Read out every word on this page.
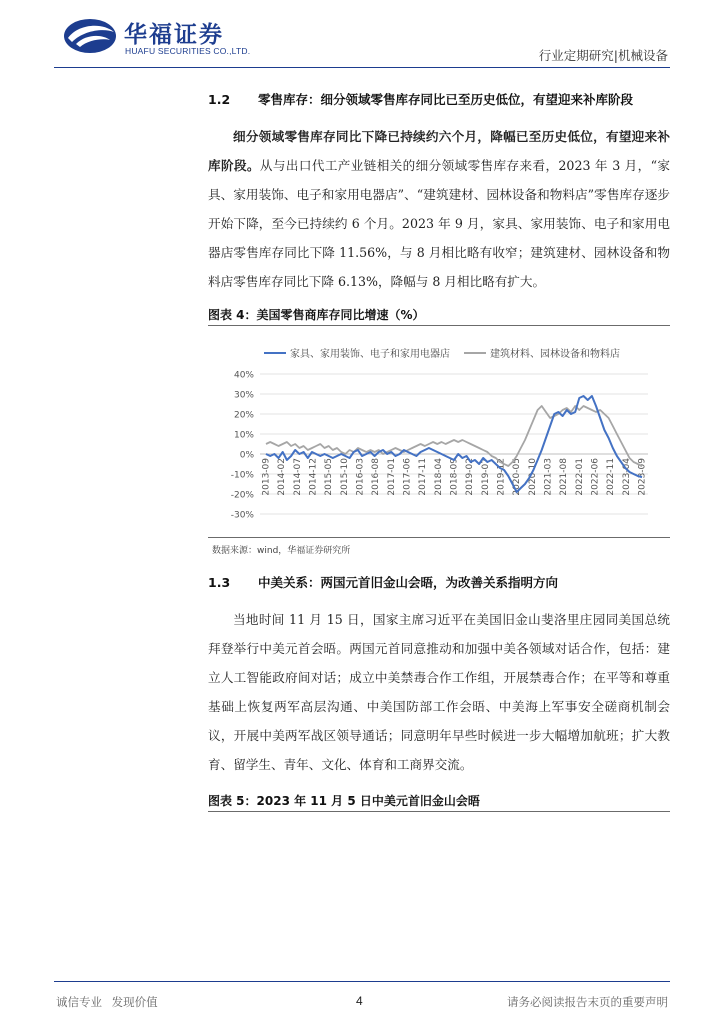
华福证券
HUAFU SECURITIES CO.,LTD.	行业定期研究|机械设备
1.2 零售库存：细分领域零售库存同比已至历史低位，有望迎来补库阶段

细分领域零售库存同比下降已持续约六个月，降幅已至历史低位，有望迎来补库阶段。从与出口代工产业链相关的细分领域零售库存来看，2023 年 3 月，“家具、家用装饰、电子和家用电器店”、“建筑建材、园林设备和物料店”零售库存逐步开始下降，至今已持续约 6 个月。2023 年 9 月，家具、家用装饰、电子和家用电器店零售库存同比下降 11.56%，与 8 月相比略有收窄；建筑建材、园林设备和物料店零售库存同比下降 6.13%，降幅与 8 月相比略有扩大。

图表 4：美国零售商库存同比增速（%）
家具、家用装饰、电子和家用电器店	建筑材料、园林设备和物料店
40%
30%
20%
10%
0%
-10%
-20%
-30%
2013-09 2014-02 2014-07 2014-12 2015-05 2015-10 2016-03 2016-08 2017-01 2017-06 2017-11 2018-04 2018-09 2019-02 2019-07 2019-12 2020-05 2020-10 2021-03 2021-08 2022-01 2022-06 2022-11 2023-04 2023-09
数据来源：wind，华福证券研究所
1.3 中美关系：两国元首旧金山会晤，为改善关系指明方向

当地时间 11 月 15 日，国家主席习近平在美国旧金山斐洛里庄园同美国总统拜登举行中美元首会晤。两国元首同意推动和加强中美各领域对话合作，包括：建立人工智能政府间对话；成立中美禁毒合作工作组，开展禁毒合作；在平等和尊重基础上恢复两军高层沟通、中美国防部工作会晤、中美海上军事安全磋商机制会议，开展中美两军战区领导通话；同意明年早些时候进一步大幅增加航班；扩大教育、留学生、青年、文化、体育和工商界交流。

图表 5：2023 年 11 月 5 日中美元首旧金山会晤
诚信专业 发现价值	4	请务必阅读报告末页的重要声明
